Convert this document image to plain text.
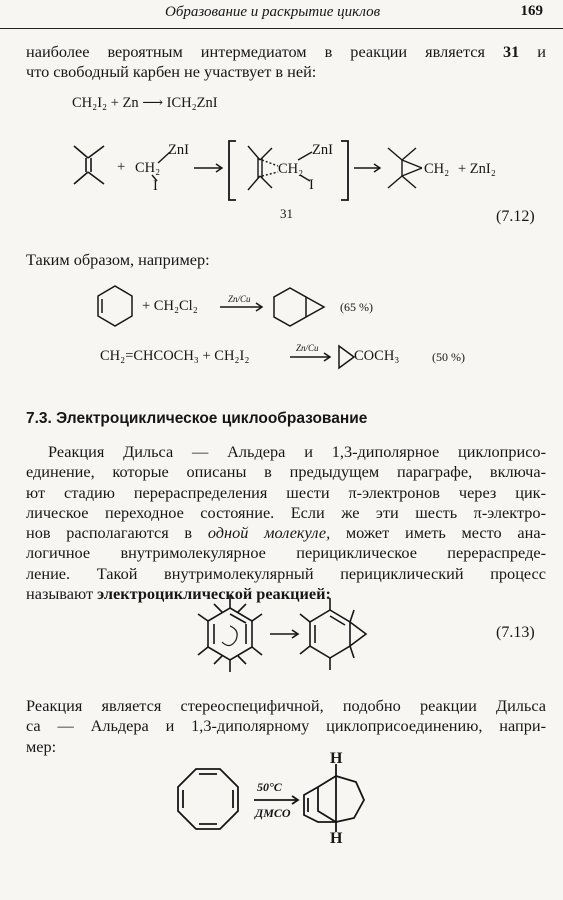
Образование и раскрытие циклов	169
наиболее вероятным интермедиатом в реакции является 31 и
что свободный карбен не участвует в ней:
CH₂I₂ + Zn ⟶ ICH₂ZnI
ZnI
+ CH₂
I
ZnI
CH₂
I
CH₂ + ZnI₂
31	(7.12)
Таким образом, например:
+ CH₂Cl₂	Zn/Cu
(65 %)
CH₂=CHCOCH₃ + CH₂I₂	Zn/Cu COCH₃	(50 %)
7.3. Электроциклическое циклообразование
Реакция Дильса — Альдера и 1,3-диполярное циклоприсо-
единение, которые описаны в предыдущем параграфе, включа-
ют стадию перераспределения шести π-электронов через цик-
лическое переходное состояние. Если же эти шесть π-электро-
нов располагаются в одной молекуле, может иметь место ана-
логичное внутримолекулярное перициклическое перераспреде-
ление. Такой внутримолекулярный перициклический процесс
называют электроциклической реакцией:
(7.13)
Реакция является стереоспецифичной, подобно реакции Дильса
са — Альдера и 1,3-диполярному циклоприсоединению, напри-
мер:
50°C
ДМСО
H
H
